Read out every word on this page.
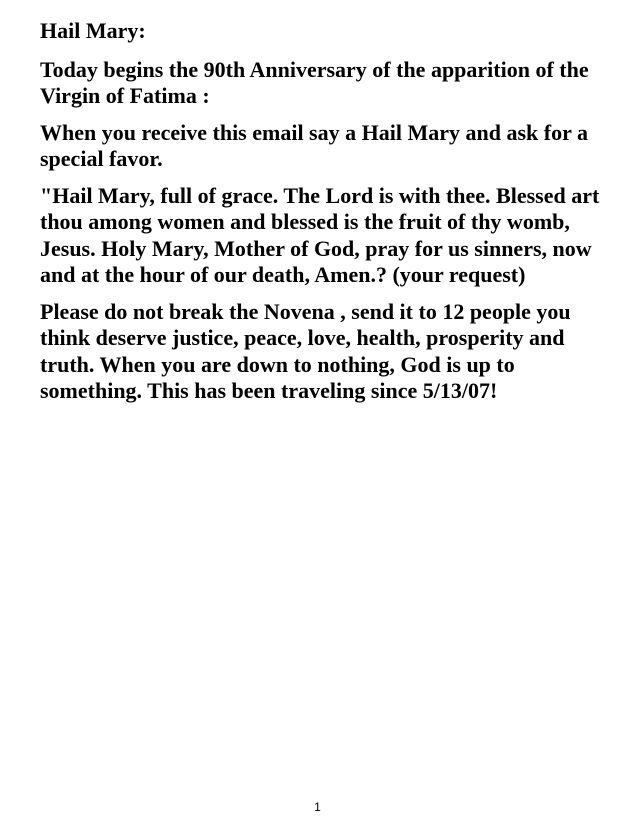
Hail Mary:

Today begins the 90th Anniversary of the apparition of the Virgin of Fatima :

When you receive this email say a Hail Mary and ask for a special favor.

"Hail Mary, full of grace. The Lord is with thee. Blessed art thou among women and blessed is the fruit of thy womb, Jesus. Holy Mary, Mother of God, pray for us sinners, now and at the hour of our death, Amen.? (your request)

Please do not break the Novena , send it to 12 people you think deserve justice, peace, love, health, prosperity and truth. When you are down to nothing, God is up to something. This has been traveling since 5/13/07!

1
